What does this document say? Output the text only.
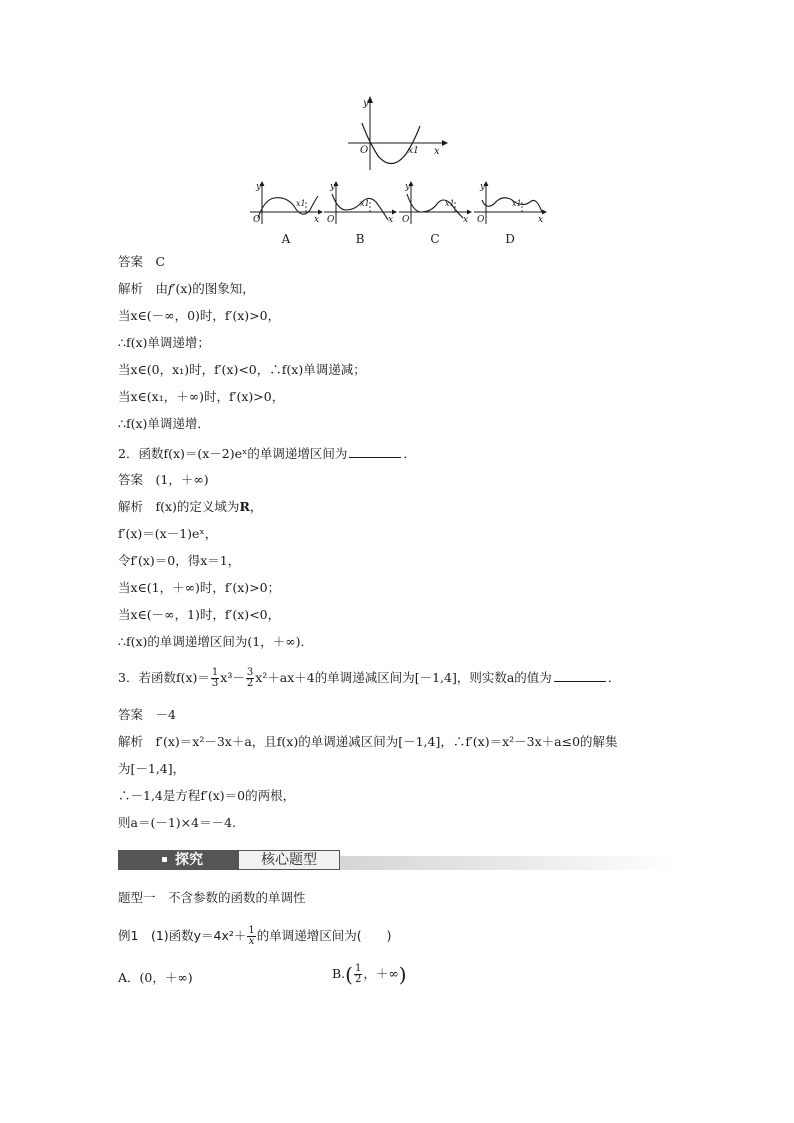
y
x
O	x1
y
x
O
x1
A
y
x
O
x1
B
y
x
O
x1
C
y
x
O
x1
D
答案　C
解析　由f′(x)的图象知，
当x∈(－∞，0)时，f′(x)>0，
∴f(x)单调递增；
当x∈(0，x₁)时，f′(x)<0，∴f(x)单调递减；
当x∈(x₁，＋∞)时，f′(x)>0，
∴f(x)单调递增．
2．函数f(x)＝(x－2)eˣ的单调递增区间为	．
答案　(1，＋∞)
解析　f(x)的定义域为R，
f′(x)＝(x－1)eˣ，
令f′(x)＝0，得x＝1，
当x∈(1，＋∞)时，f′(x)>0；
当x∈(－∞，1)时，f′(x)<0，
∴f(x)的单调递增区间为(1，＋∞)．
3．若函数$f(x)= \frac{1}{3} x^3- \frac{3}{2} x^2+ax+4$的单调递减区间为[－1,4]，则实数a的值为	．
答案　－4
解析　f′(x)＝x²－3x＋a，且f(x)的单调递减区间为[－1,4]，∴f′(x)＝x²－3x＋a≤0的解集
为[－1,4]，
∴－1,4是方程f′(x)＝0的两根，
则a＝(－1)×4＝－4.
探究	核心题型
题型一　不含参数的函数的单调性
例1　(1)函数$y=4x^2+ \frac{1}{x}$ 的单调递增区间为(　　)
A．(0，＋∞)	$B.( \frac{1}{2}$ ，＋∞)
